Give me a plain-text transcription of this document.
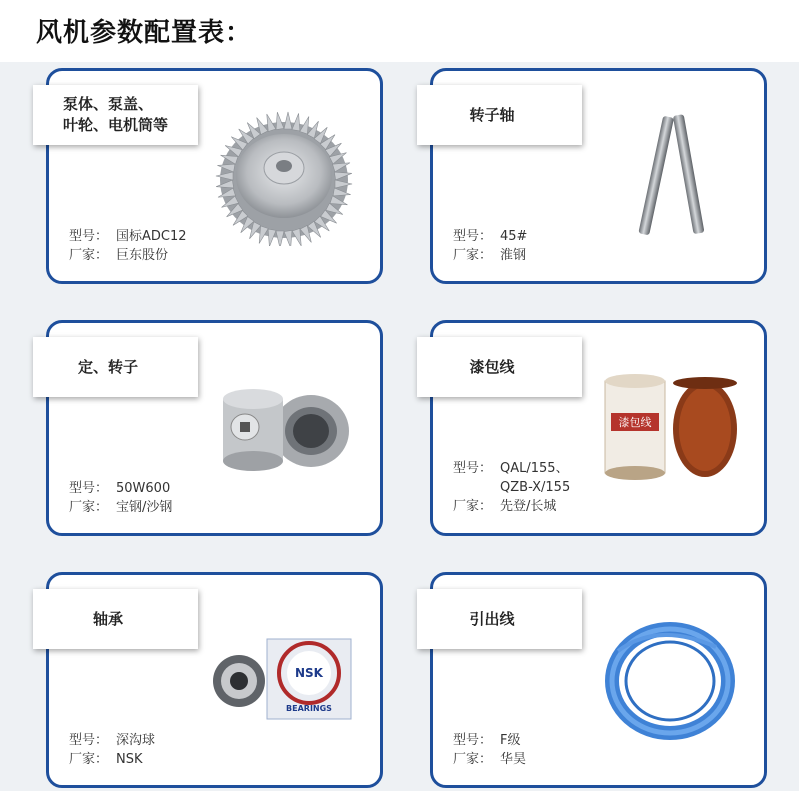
风机参数配置表：
泵体、泵盖、
叶轮、电机筒等
型号： 国标ADC12
厂家： 巨东股份
转子轴
型号： 45#
厂家： 淮钢
定、转子
型号： 50W600
厂家： 宝钢/沙钢
漆包线
漆包线
型号： QAL/155、
QZB-X/155
厂家： 先登/长城
轴承
NSK
BEARINGS
型号： 深沟球
厂家： NSK
引出线
型号： F级
厂家： 华昊
